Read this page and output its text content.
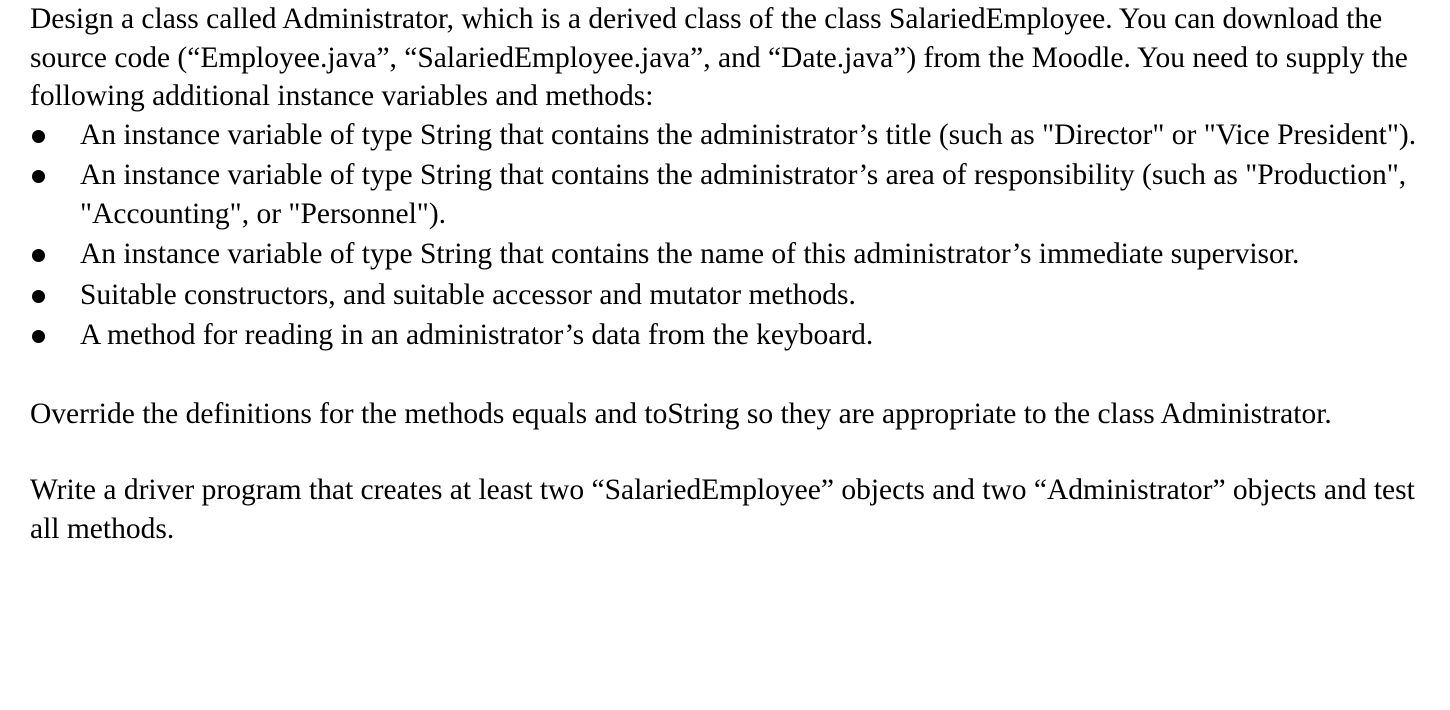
Design a class called Administrator, which is a derived class of the class SalariedEmployee. You can download the source code (“Employee.java”, “SalariedEmployee.java”, and “Date.java”) from the Moodle. You need to supply the following additional instance variables and methods:

An instance variable of type String that contains the administrator’s title (such as "Director" or "Vice President").
An instance variable of type String that contains the administrator’s area of responsibility (such as "Production", "Accounting", or "Personnel").
An instance variable of type String that contains the name of this administrator’s immediate supervisor.
Suitable constructors, and suitable accessor and mutator methods.
A method for reading in an administrator’s data from the keyboard.

Override the definitions for the methods equals and toString so they are appropriate to the class Administrator.

Write a driver program that creates at least two “SalariedEmployee” objects and two “Administrator” objects and test all methods.
